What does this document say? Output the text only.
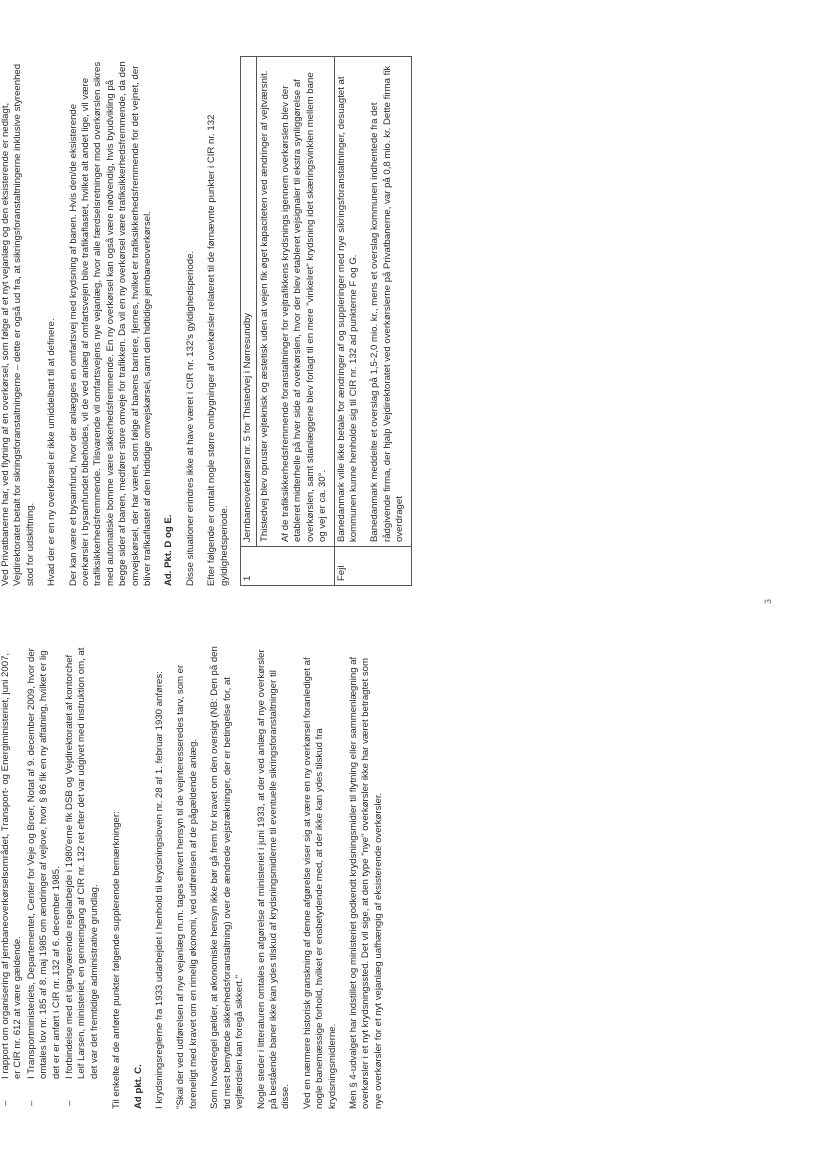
–
I rapport om organisering af jernbaneoverkørselsområdet, Transport- og Energiministeriet, juni 2007, er CIR nr. 612 at være gældende.
–
I Transportministeriets, Departementet, Center for Veje og Broer, Notat af 9. december 2009, hvor der omtales lov nr. 185 af 8. maj 1985 om ændringer af vejlove, hvor § 86 fik en ny affatning, hvilket er lig det er er anført i CIR nr. 132 af 6. december 1985.
–
I forbindelse med et igangværende regelarbejde i 1980'erne fik DSB og Vejdirektoratet af kontorchef Leif Larsen, ministeriet, en gennemgang af CIR nr. 132 ret efter det var udgivet med instruktion om, at det var det fremtidige administrative grundlag. Til enkelte af de anførte punkter følgende supplerende bemærkninger: Ad pkt. C. I krydsningsreglerne fra 1933 udarbejdet i henhold til krydsningsloven nr. 28 af 1. februar 1930 anføres: "Skal der ved udførelsen af nye vejanlæg m.m. tages ethvert hensyn til de vejinteresseredes tarv, som er foreneligt med kravet om en rimelig økonomi, ved udførelsen af de pågældende anlæg. Som hovedregel gælder, at økonomiske hensyn ikke bør gå frem for kravet om den oversigt (NB: Den på den tid mest benyttede sikkerhedsforanstaltning) over de ændrede vejstrækninger, der er betingelse for, at vejfærdslen kan foregå sikkert." Nogle steder i litteraturen omtales en afgørelse af ministeriet i juni 1933, at der ved anlæg af nye overkørsler på bestående baner ikke kan ydes tilskud af krydsningsmidlerne til eventuelle sikringsforanstaltninger til disse. Ved en nærmere historisk granskning af denne afgørelse viser sig at være en ny overkørsel foranlediget af nogle banemæssige forhold, hvilket er ensbetydende med, at der ikke kan ydes tilskud fra krydsningsmidlerne. Men § 4-udvalget har indstillet og ministeriet godkendt krydsningsmidler til flytning eller sammenlægning af overkørsler i et nyt krydsningssted. Det vil sige, at den type "nye" overkørsler ikke har været betragtet som nye overkørsler for et nyt vejanlæg uafhængig af eksisterende overkørsler.

3

Ved Privatbanerne har, ved flytning af en overkørsel, som følge af et nyt vejanlæg og den eksisterende er nedlagt, Vejdirektoratet betalt for sikringsforanstaltningerne – dette er også ud fra, at sikringsforanstaltningerne inklusive styreenhed stod for udskiftning. Hvad der er en ny overkørsel er ikke umiddelbart til at definere. Der kan være et bysamfund, hvor der anlægges en omfartsvej med krydsning af banen. Hvis den/de eksisterende overkørsler i bysamfundet bibeholdes, vil de ved anlæg af omfartsvejen blive trafikaflastet, hvilket alt andet lige, vil være trafiksikkerhedsfremmende. Tilsvarende vil omfartsvejens nye vejanlæg, hvor alle færdselsretninger mod overkørslen sikres med automatiske bomme være sikkerhedsfremmende. En ny overkørsel kan også være nødvendig, hvis byudvikling på begge sider af banen, medfører store omveje for trafikken. Da vil en ny overkørsel være trafiksikkerhedsfremmende, da den omvejskørsel, der har været, som følge af banens barriere, fjernes, hvilket er trafiksikkerhedsfremmende for det vejnet, der bliver trafikaflastet af den hidtidige omvejskørsel, samt den hidtidige jernbaneoverkørsel. Ad. Pkt. D og E. Disse situationer erindres ikke at have været i CIR nr. 132's gyldighedsperiode. Efter følgende er omtalt nogle større ombygninger af overkørsler relateret til de førnævnte punkter i CIR nr. 132 gyldighedsperiode. 1	Jernbaneoverkørsel nr. 5 for Thistedvej i Nørresundby Thistedvej blev opruster vejteknisk og æstetisk uden at vejen fik øget kapaciteten ved ændringer af vejtværsnit. Af de trafiksikkerhedsfremmende foranstaltninger for vejtrafikkens krydsnings igennem overkørslen blev der etableret midterhelle på hver side af overkørslen, hvor der blev etableret vejsignaler til ekstra synliggørelse af overkørslen, samt stianlæggene blev forlagt til en mere "vinkelret" krydsning idet skæringsvinklen mellem bane og vej er ca. 30°.

Fejl	Banedanmark ville ikke betale for ændringer af og suppleringer med nye sikringsforanstaltninger, desuagtet at kommunen kunne henholde sig til CIR nr. 132 ad punkterne F og G. Banedanmark meddelte et overslag på 1,5-2,0 mio. kr., mens et overslag kommunen indhentede fra det rådgivende firma, der hjalp Vejdirektoratet ved overkørslerne på Privatbanerne, var på 0,8 mio. kr. Dette firma fik overdraget
